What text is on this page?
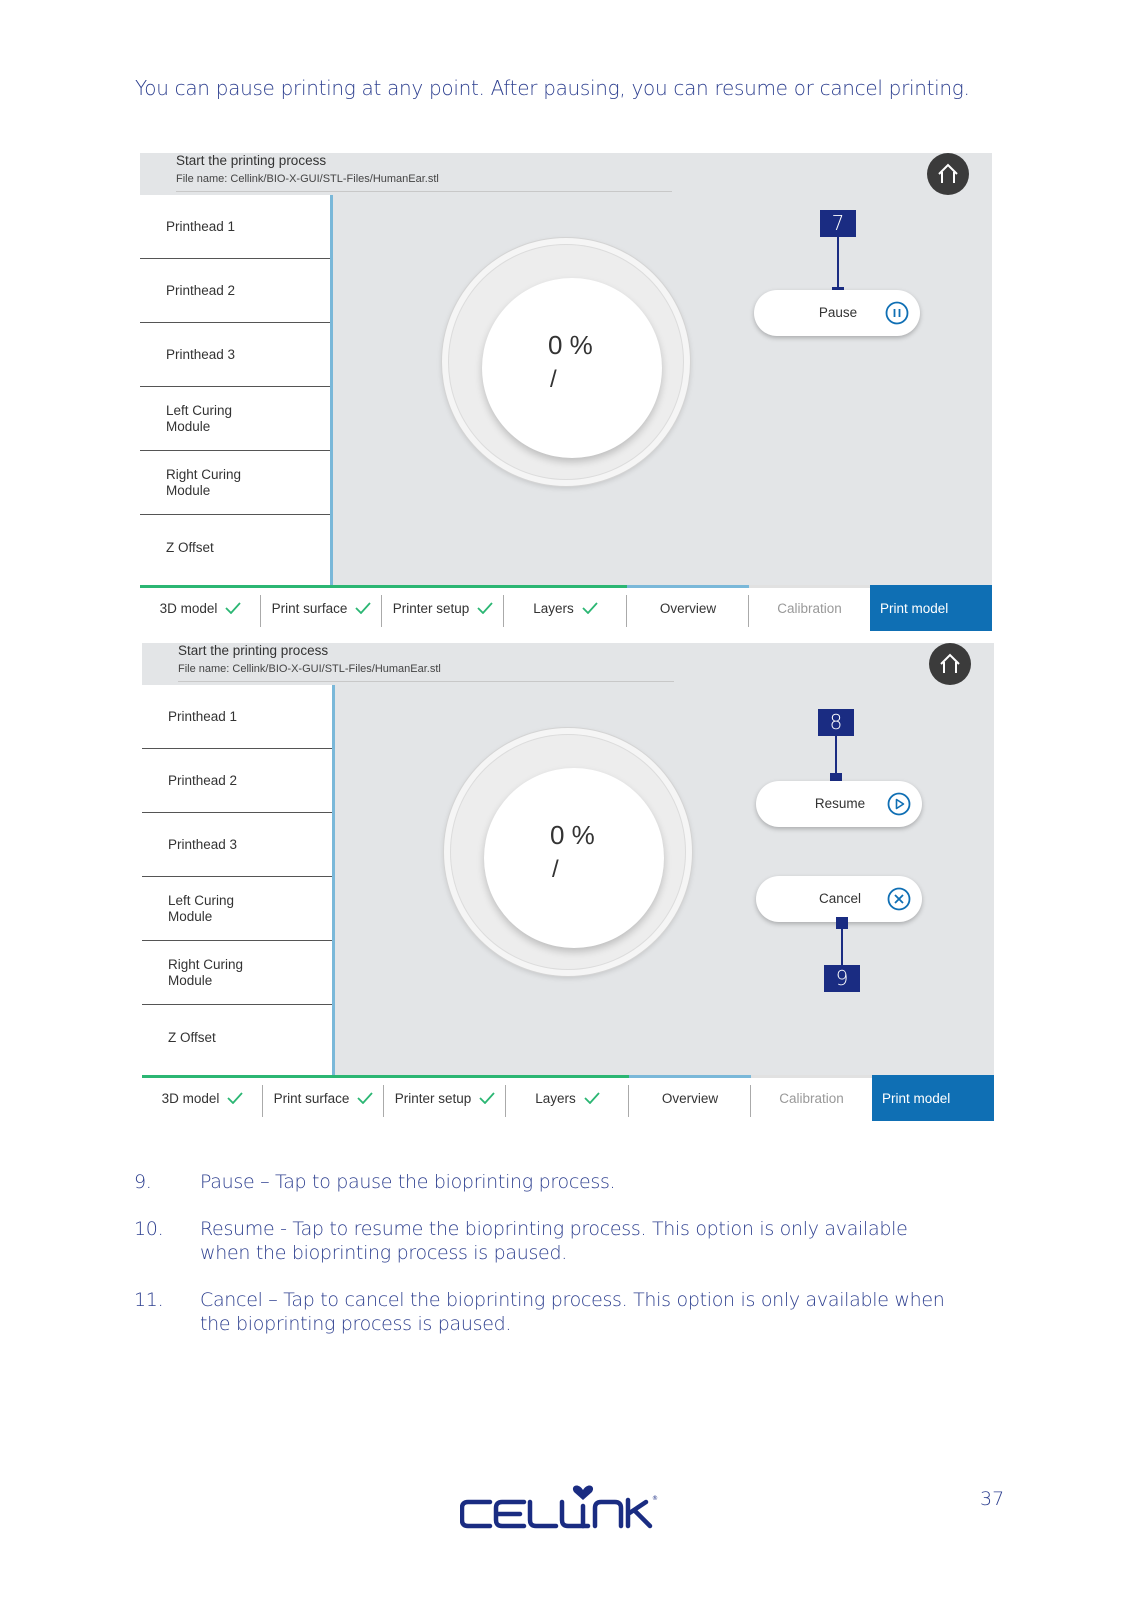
You can pause printing at any point. After pausing, you can resume or cancel printing.

Start the printing process
File name: Cellink/BIO-X-GUI/STL-Files/HumanEar.stl
Printhead 1
Printhead 2
Printhead 3
Left Curing
Module
Right Curing
Module
Z Offset
0 %
/
7
Pause
3D model	Print surface	Printer setup	Layers	Overview	Calibration	Print model
Start the printing process
File name: Cellink/BIO-X-GUI/STL-Files/HumanEar.stl
Printhead 1
Printhead 2
Printhead 3
Left Curing
Module
Right Curing
Module
Z Offset
0 %
/
8
Resume
Cancel
9
3D model	Print surface	Printer setup	Layers	Overview	Calibration	Print model
9.	Pause – Tap to pause the bioprinting process.
10. Resume - Tap to resume the bioprinting process. This option is only available when the bioprinting process is paused.
11. Cancel – Tap to cancel the bioprinting process. This option is only available when the bioprinting process is paused.
CELLINK
®	37
